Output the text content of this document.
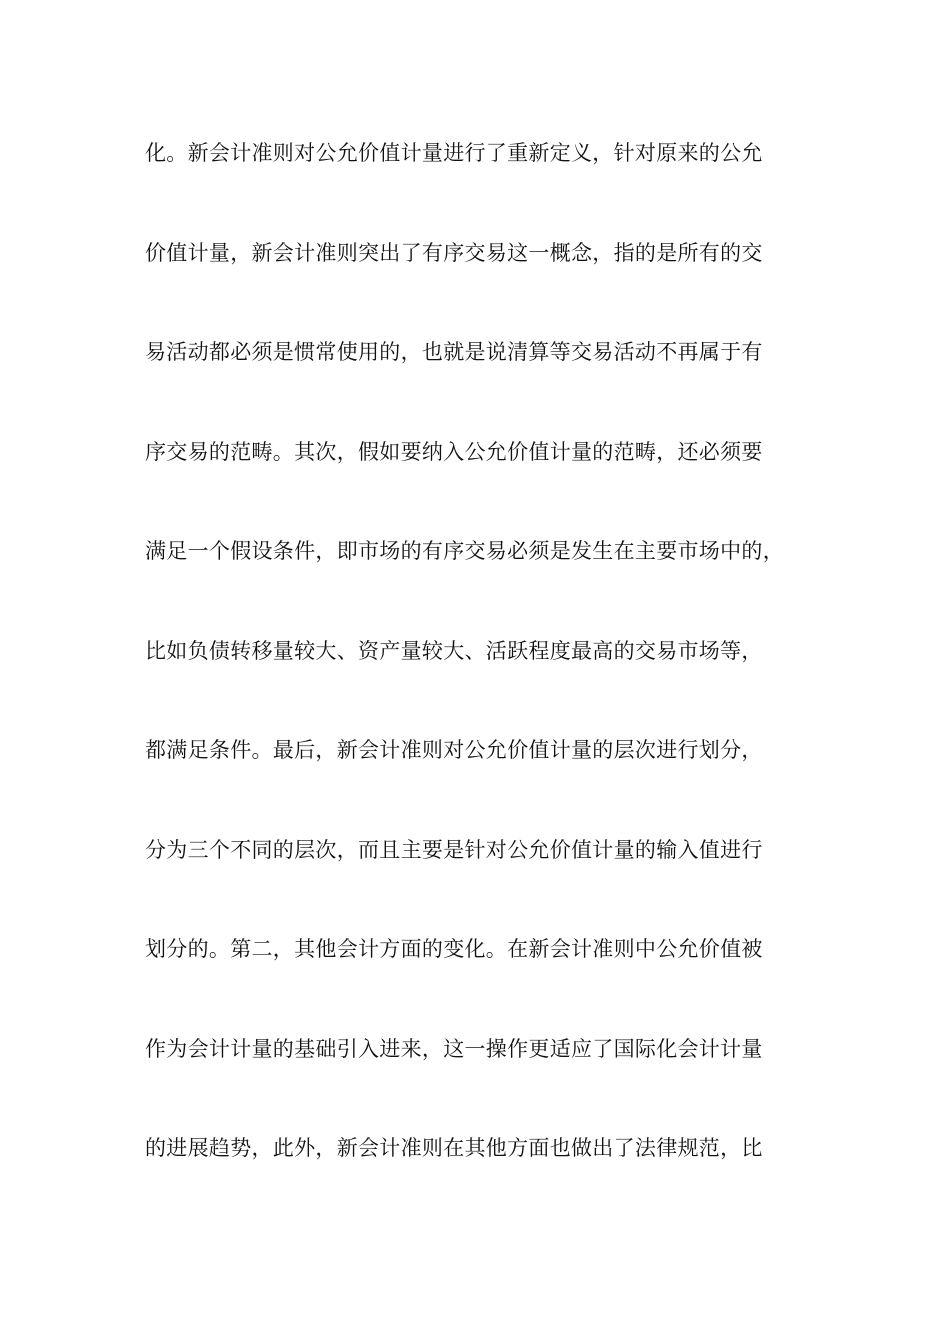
化。新会计准则对公允价值计量进行了重新定义，针对原来的公允
价值计量，新会计准则突出了有序交易这一概念，指的是所有的交
易活动都必须是惯常使用的，也就是说清算等交易活动不再属于有
序交易的范畴。其次，假如要纳入公允价值计量的范畴，还必须要
满足一个假设条件，即市场的有序交易必须是发生在主要市场中的，
比如负债转移量较大、资产量较大、活跃程度最高的交易市场等，
都满足条件。最后，新会计准则对公允价值计量的层次进行划分，
分为三个不同的层次，而且主要是针对公允价值计量的输入值进行
划分的。第二，其他会计方面的变化。在新会计准则中公允价值被
作为会计计量的基础引入进来，这一操作更适应了国际化会计计量
的进展趋势，此外，新会计准则在其他方面也做出了法律规范，比
